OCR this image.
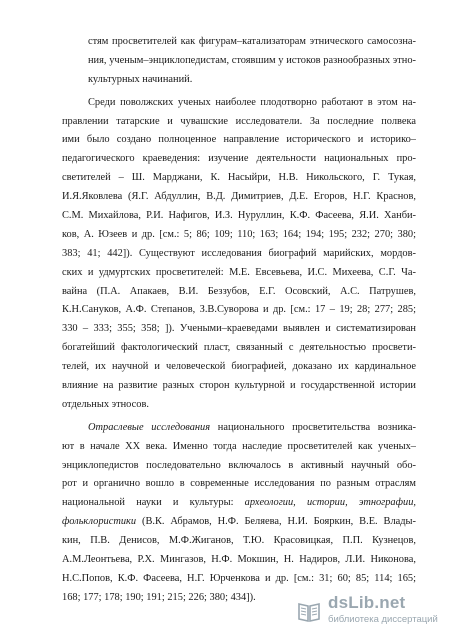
стям просветителей как фигурам–катализаторам этнического самосозна-
ния, ученым–энциклопедистам, стоявшим у истоков разнообразных этно-
культурных начинаний.
Среди поволжских ученых наиболее плодотворно работают в этом на-
правлении татарские и чувашские исследователи. За последние полвека
ими было создано полноценное направление исторического и историко–
педагогического краеведения: изучение деятельности национальных про-
светителей – Ш. Марджани, К. Насыйри, Н.В. Никольского, Г. Тукая,
И.Я.Яковлева (Я.Г. Абдуллин, В.Д. Димитриев, Д.Е. Егоров, Н.Г. Краснов,
С.М. Михайлова, Р.И. Нафигов, И.З. Нуруллин, К.Ф. Фасеева, Я.И. Ханби-
ков, А. Юзеев и др. [см.: 5; 86; 109; 110; 163; 164; 194; 195; 232; 270; 380;
383; 41; 442]). Существуют исследования биографий марийских, мордов-
ских и удмуртских просветителей: М.Е. Евсевьева, И.С. Михеева, С.Г. Ча-
вайна (П.А. Апакаев, В.И. Беззубов, Е.Г. Осовский, А.С. Патрушев,
К.Н.Сануков, А.Ф. Степанов, З.В.Суворова и др. [см.: 17 – 19; 28; 277; 285;
330 – 333; 355; 358; ]). Учеными–краеведами выявлен и систематизирован
богатейший фактологический пласт, связанный с деятельностью просвети-
телей, их научной и человеческой биографией, доказано их кардинальное
влияние на развитие разных сторон культурной и государственной истории
отдельных этносов.
Отраслевые исследования национального просветительства возника-
ют в начале XX века. Именно тогда наследие просветителей как ученых–
энциклопедистов последовательно включалось в активный научный обо-
рот и органично вошло в современные исследования по разным отраслям
национальной науки и культуры: археологии, истории, этнографии,
фольклористики (В.К. Абрамов, Н.Ф. Беляева, Н.И. Бояркин, В.Е. Влады-
кин, П.В. Денисов, М.Ф.Жиганов, Т.Ю. Красовицкая, П.П. Кузнецов,
А.М.Леонтьева, Р.Х. Мингазов, Н.Ф. Мокшин, Н. Надиров, Л.И. Никонова,
Н.С.Попов, К.Ф. Фасеева, Н.Г. Юрченкова и др. [см.: 31; 60; 85; 114; 165;
168; 177; 178; 190; 191; 215; 226; 380; 434]).	dsLib.net
библиотека диссертаций
